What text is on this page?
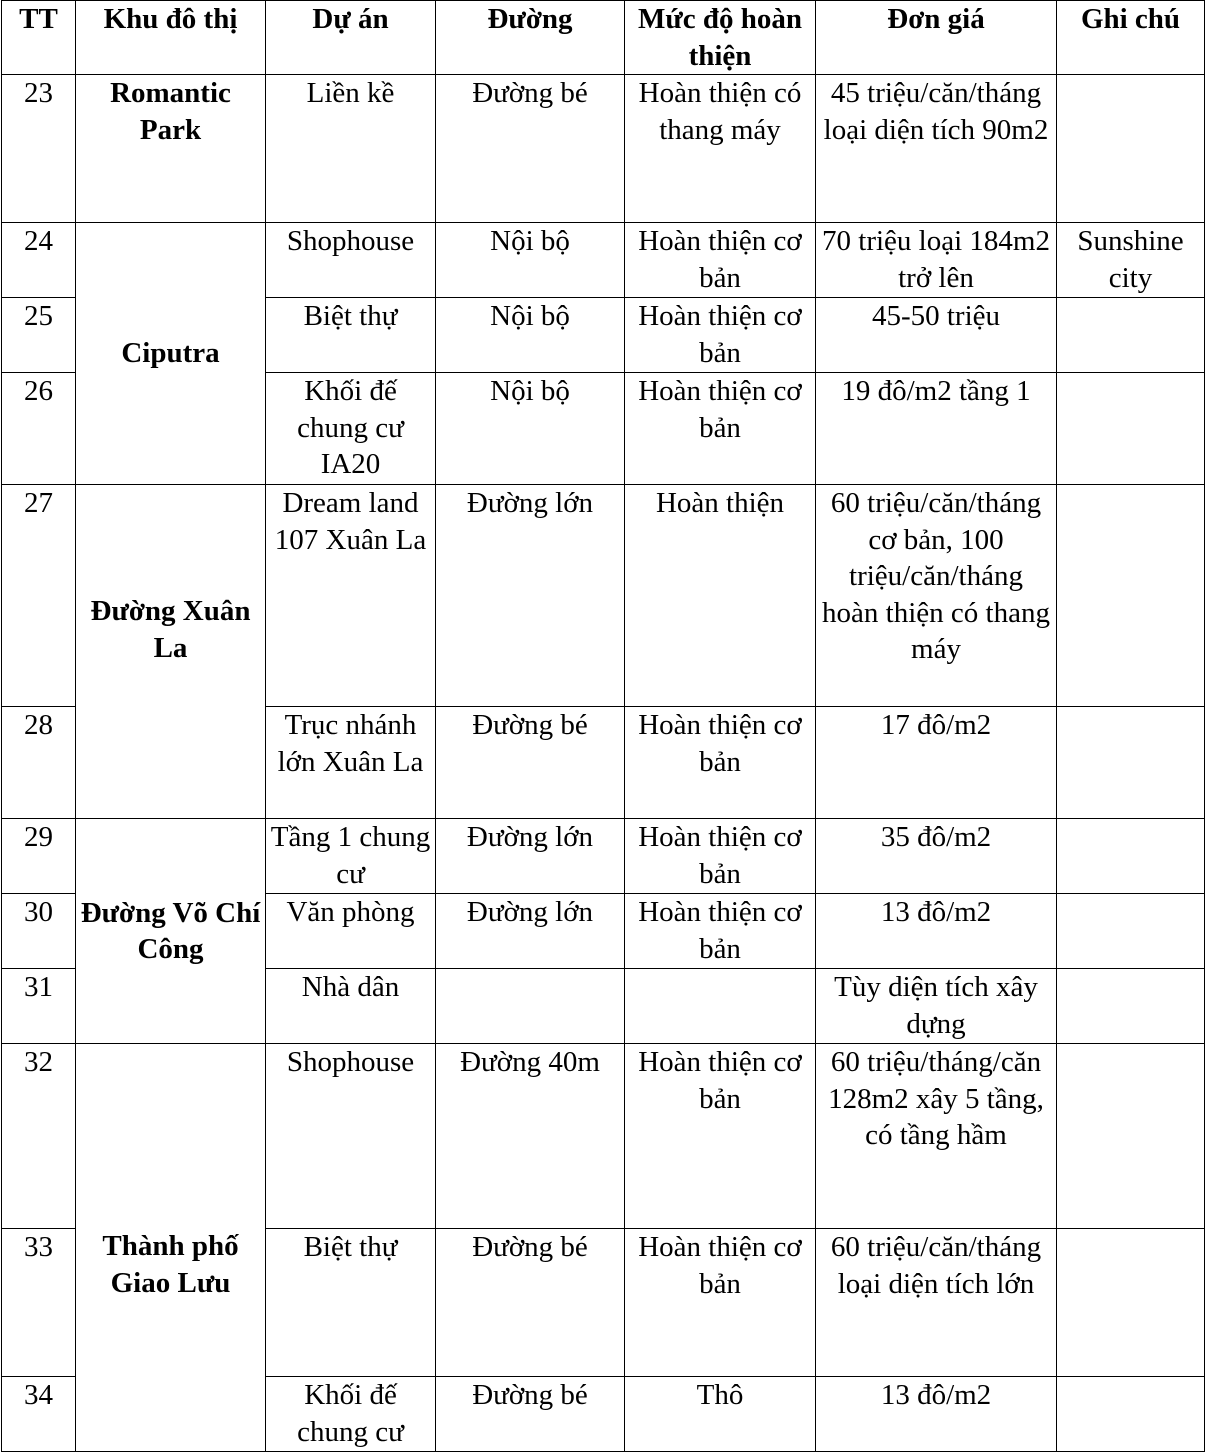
TT	Khu đô thị	Dự án	Đường	Mức độ hoàn thiện	Đơn giá	Ghi chú
23	Romantic Park	Liền kề	Đường bé	Hoàn thiện có thang máy	45 triệu/căn/tháng loại diện tích 90m2	
24	Ciputra	Shophouse	Nội bộ	Hoàn thiện cơ bản	70 triệu loại 184m2 trở lên	Sunshine city
25		Biệt thự	Nội bộ	Hoàn thiện cơ bản	45-50 triệu	
26		Khối đế chung cư IA20	Nội bộ	Hoàn thiện cơ bản	19 đô/m2 tầng 1	
27	Đường Xuân La	Dream land 107 Xuân La	Đường lớn	Hoàn thiện	60 triệu/căn/tháng cơ bản, 100 triệu/căn/tháng hoàn thiện có thang máy	
28		Trục nhánh lớn Xuân La	Đường bé	Hoàn thiện cơ bản	17 đô/m2	
29	Đường Võ Chí Công	Tầng 1 chung cư	Đường lớn	Hoàn thiện cơ bản	35 đô/m2	
30		Văn phòng	Đường lớn	Hoàn thiện cơ bản	13 đô/m2	
31		Nhà dân			Tùy diện tích xây dựng	
32	Thành phố Giao Lưu	Shophouse	Đường 40m	Hoàn thiện cơ bản	60 triệu/tháng/căn 128m2 xây 5 tầng, có tầng hầm	
33		Biệt thự	Đường bé	Hoàn thiện cơ bản	60 triệu/căn/tháng loại diện tích lớn	
34		Khối đế chung cư	Đường bé	Thô	13 đô/m2	
